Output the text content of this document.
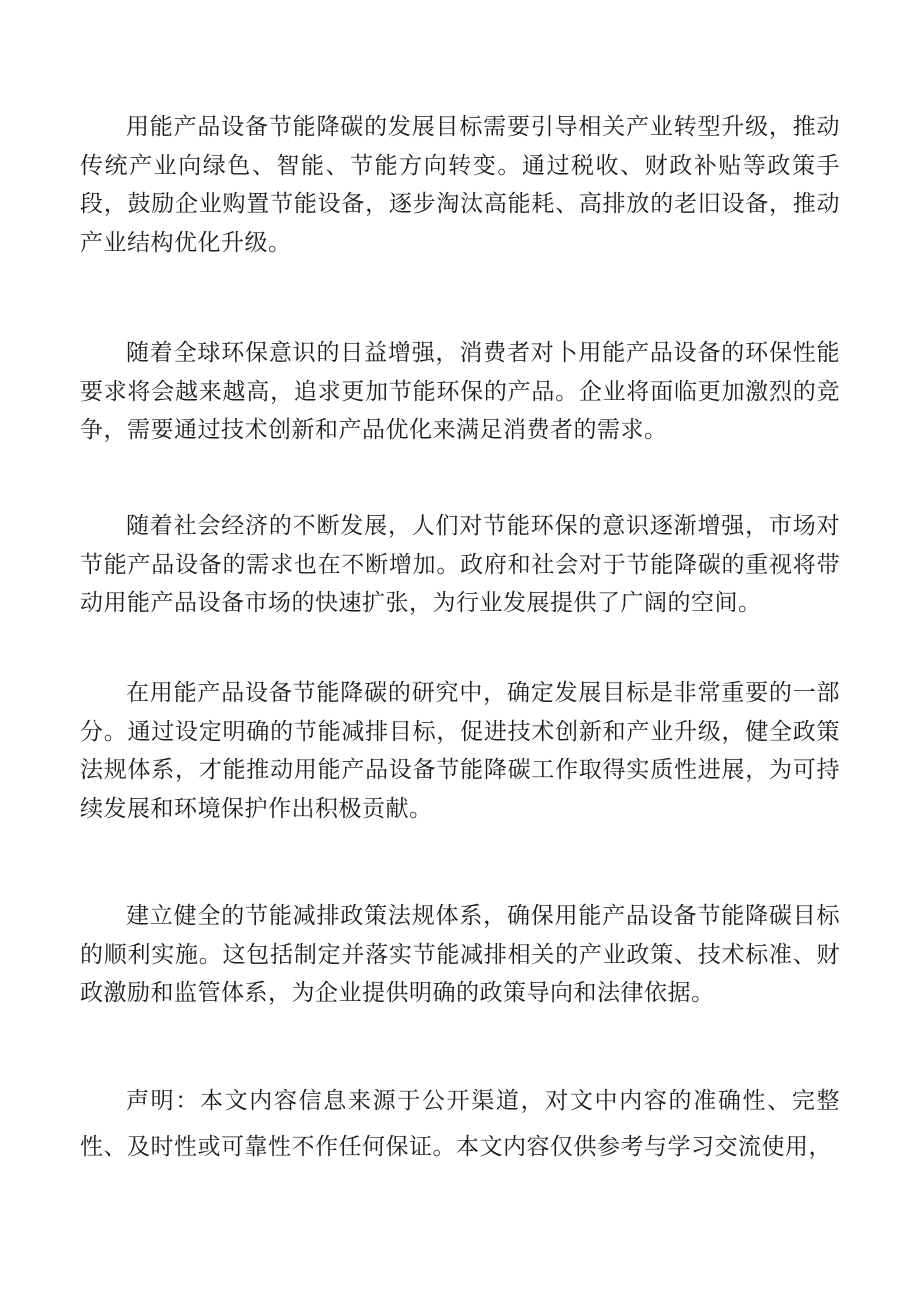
用能产品设备节能降碳的发展目标需要引导相关产业转型升级，推动传统产业向绿色、智能、节能方向转变。通过税收、财政补贴等政策手段，鼓励企业购置节能设备，逐步淘汰高能耗、高排放的老旧设备，推动产业结构优化升级。

随着全球环保意识的日益增强，消费者对卜用能产品设备的环保性能要求将会越来越高，追求更加节能环保的产品。企业将面临更加激烈的竞争，需要通过技术创新和产品优化来满足消费者的需求。

随着社会经济的不断发展，人们对节能环保的意识逐渐增强，市场对节能产品设备的需求也在不断增加。政府和社会对于节能降碳的重视将带动用能产品设备市场的快速扩张，为行业发展提供了广阔的空间。

在用能产品设备节能降碳的研究中，确定发展目标是非常重要的一部分。通过设定明确的节能减排目标，促进技术创新和产业升级，健全政策法规体系，才能推动用能产品设备节能降碳工作取得实质性进展，为可持续发展和环境保护作出积极贡献。

建立健全的节能减排政策法规体系，确保用能产品设备节能降碳目标的顺利实施。这包括制定并落实节能减排相关的产业政策、技术标准、财政激励和监管体系，为企业提供明确的政策导向和法律依据。

声明：本文内容信息来源于公开渠道，对文中内容的准确性、完整性、及时性或可靠性不作任何保证。本文内容仅供参考与学习交流使用，
